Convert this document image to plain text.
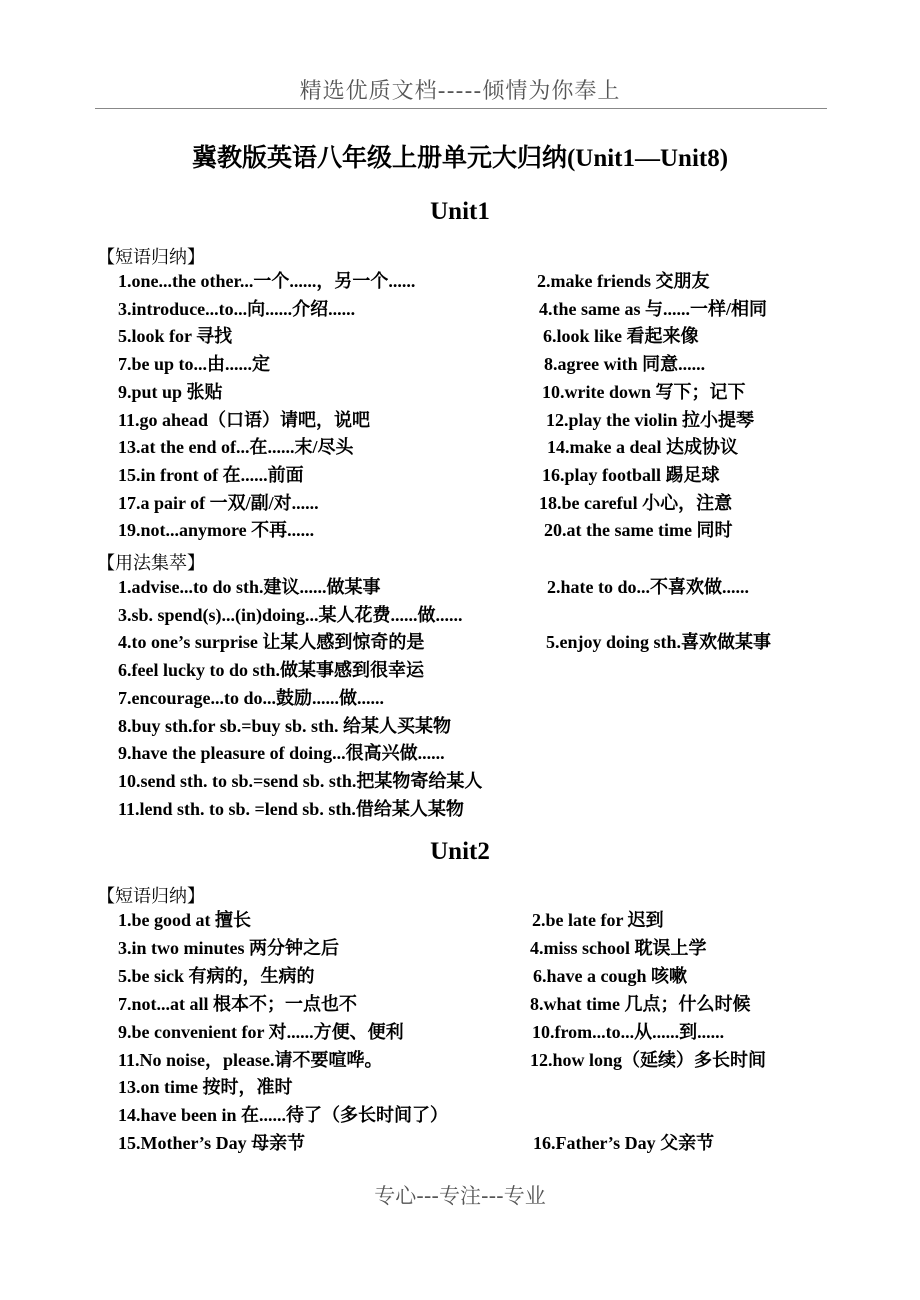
精选优质文档-----倾情为你奉上
冀教版英语八年级上册单元大归纳(Unit1—Unit8)
Unit1
【短语归纳】
1.one...the other...一个......，另一个......	2.make friends 交朋友
3.introduce...to...向......介绍......	4.the same as 与......一样/相同
5.look for 寻找	6.look like 看起来像
7.be up to...由......定	8.agree with 同意......
9.put up 张贴	10.write down 写下；记下
11.go ahead（口语）请吧，说吧	12.play the violin 拉小提琴
13.at the end of...在......末/尽头	14.make a deal 达成协议
15.in front of 在......前面	16.play football 踢足球
17.a pair of 一双/副/对......	18.be careful 小心，注意
19.not...anymore 不再......	20.at the same time 同时
【用法集萃】
1.advise...to do sth.建议......做某事	2.hate to do...不喜欢做......
3.sb. spend(s)...(in)doing...某人花费......做......
4.to one’s surprise 让某人感到惊奇的是	5.enjoy doing sth.喜欢做某事
6.feel lucky to do sth.做某事感到很幸运
7.encourage...to do...鼓励......做......
8.buy sth.for sb.=buy sb. sth. 给某人买某物
9.have the pleasure of doing...很高兴做......
10.send sth. to sb.=send sb. sth.把某物寄给某人
11.lend sth. to sb. =lend sb. sth.借给某人某物
Unit2
【短语归纳】
1.be good at 擅长	2.be late for 迟到
3.in two minutes 两分钟之后	4.miss school 耽误上学
5.be sick 有病的，生病的	6.have a cough 咳嗽
7.not...at all 根本不；一点也不	8.what time 几点；什么时候
9.be convenient for 对......方便、便利	10.from...to...从......到......
11.No noise，please.请不要喧哗。	12.how long（延续）多长时间
13.on time 按时，准时
14.have been in 在......待了（多长时间了）
15.Mother’s Day 母亲节	16.Father’s Day 父亲节
专心---专注---专业
